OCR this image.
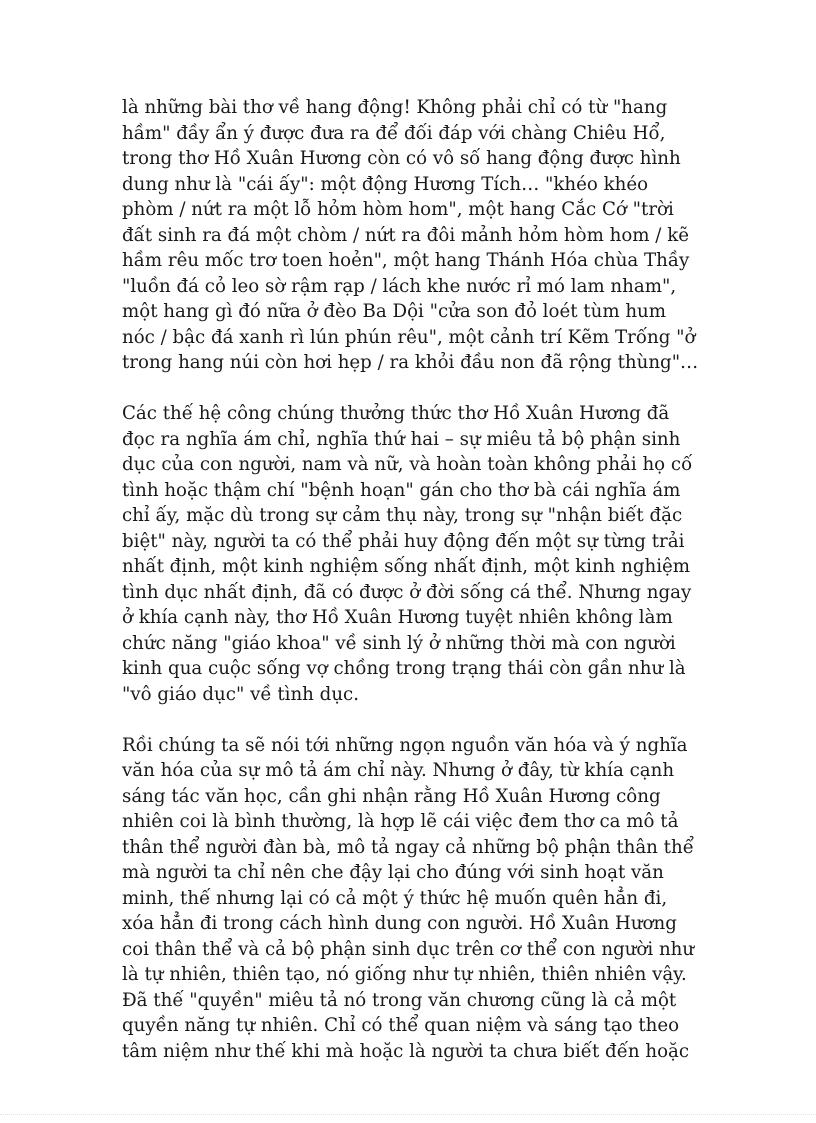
là những bài thơ về hang động! Không phải chỉ có từ "hang hầm" đầy ẩn ý được đưa ra để đối đáp với chàng Chiêu Hổ, trong thơ Hồ Xuân Hương còn có vô số hang động được hình dung như là "cái ấy": một động Hương Tích… "khéo khéo phòm / nứt ra một lỗ hỏm hòm hom", một hang Cắc Cớ "trời đất sinh ra đá một chòm / nứt ra đôi mảnh hỏm hòm hom / kẽ hầm rêu mốc trơ toen hoẻn", một hang Thánh Hóa chùa Thầy "luồn đá cỏ leo sờ rậm rạp / lách khe nước rỉ mó lam nham", một hang gì đó nữa ở đèo Ba Dội "cửa son đỏ loét tùm hum nóc / bậc đá xanh rì lún phún rêu", một cảnh trí Kẽm Trống "ở trong hang núi còn hơi hẹp / ra khỏi đầu non đã rộng thùng"…

Các thế hệ công chúng thưởng thức thơ Hồ Xuân Hương đã đọc ra nghĩa ám chỉ, nghĩa thứ hai – sự miêu tả bộ phận sinh dục của con người, nam và nữ, và hoàn toàn không phải họ cố tình hoặc thậm chí "bệnh hoạn" gán cho thơ bà cái nghĩa ám chỉ ấy, mặc dù trong sự cảm thụ này, trong sự "nhận biết đặc biệt" này, người ta có thể phải huy động đến một sự từng trải nhất định, một kinh nghiệm sống nhất định, một kinh nghiệm tình dục nhất định, đã có được ở đời sống cá thể. Nhưng ngay ở khía cạnh này, thơ Hồ Xuân Hương tuyệt nhiên không làm chức năng "giáo khoa" về sinh lý ở những thời mà con người kinh qua cuộc sống vợ chồng trong trạng thái còn gần như là "vô giáo dục" về tình dục.

Rồi chúng ta sẽ nói tới những ngọn nguồn văn hóa và ý nghĩa văn hóa của sự mô tả ám chỉ này. Nhưng ở đây, từ khía cạnh sáng tác văn học, cần ghi nhận rằng Hồ Xuân Hương công nhiên coi là bình thường, là hợp lẽ cái việc đem thơ ca mô tả thân thể người đàn bà, mô tả ngay cả những bộ phận thân thể mà người ta chỉ nên che đậy lại cho đúng với sinh hoạt văn minh, thế nhưng lại có cả một ý thức hệ muốn quên hẳn đi, xóa hẳn đi trong cách hình dung con người. Hồ Xuân Hương coi thân thể và cả bộ phận sinh dục trên cơ thể con người như là tự nhiên, thiên tạo, nó giống như tự nhiên, thiên nhiên vậy. Đã thế "quyền" miêu tả nó trong văn chương cũng là cả một quyền năng tự nhiên. Chỉ có thể quan niệm và sáng tạo theo tâm niệm như thế khi mà hoặc là người ta chưa biết đến hoặc
